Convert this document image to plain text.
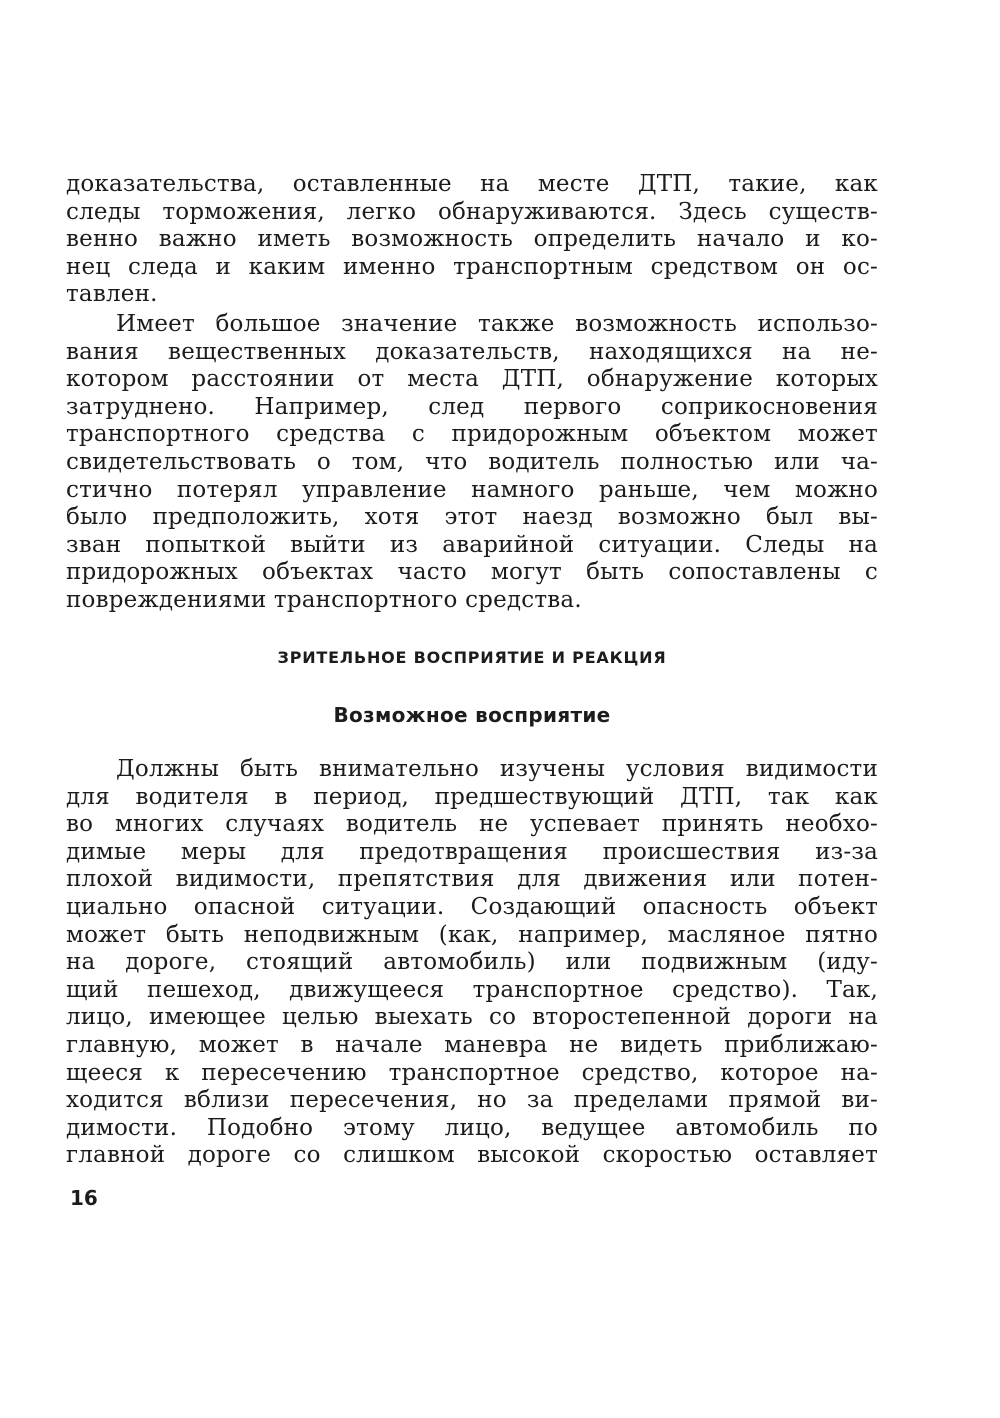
доказательства, оставленные на месте ДТП, такие, как
следы торможения, легко обнаруживаются. Здесь существ-
венно важно иметь возможность определить начало и ко-
нец следа и каким именно транспортным средством он ос-
тавлен.
Имеет большое значение также возможность использо-
вания вещественных доказательств, находящихся на не-
котором расстоянии от места ДТП, обнаружение которых
затруднено. Например, след первого соприкосновения
транспортного средства с придорожным объектом может
свидетельствовать о том, что водитель полностью или ча-
стично потерял управление намного раньше, чем можно
было предположить, хотя этот наезд возможно был вы-
зван попыткой выйти из аварийной ситуации. Следы на
придорожных объектах часто могут быть сопоставлены с
повреждениями транспортного средства.
ЗРИТЕЛЬНОЕ ВОСПРИЯТИЕ И РЕАКЦИЯ
Возможное восприятие
Должны быть внимательно изучены условия видимости
для водителя в период, предшествующий ДТП, так как
во многих случаях водитель не успевает принять необхо-
димые меры для предотвращения происшествия из-за
плохой видимости, препятствия для движения или потен-
циально опасной ситуации. Создающий опасность объект
может быть неподвижным (как, например, масляное пятно
на дороге, стоящий автомобиль) или подвижным (иду-
щий пешеход, движущееся транспортное средство). Так,
лицо, имеющее целью выехать со второстепенной дороги на
главную, может в начале маневра не видеть приближаю-
щееся к пересечению транспортное средство, которое на-
ходится вблизи пересечения, но за пределами прямой ви-
димости. Подобно этому лицо, ведущее автомобиль по
главной дороге со слишком высокой скоростью оставляет
16
